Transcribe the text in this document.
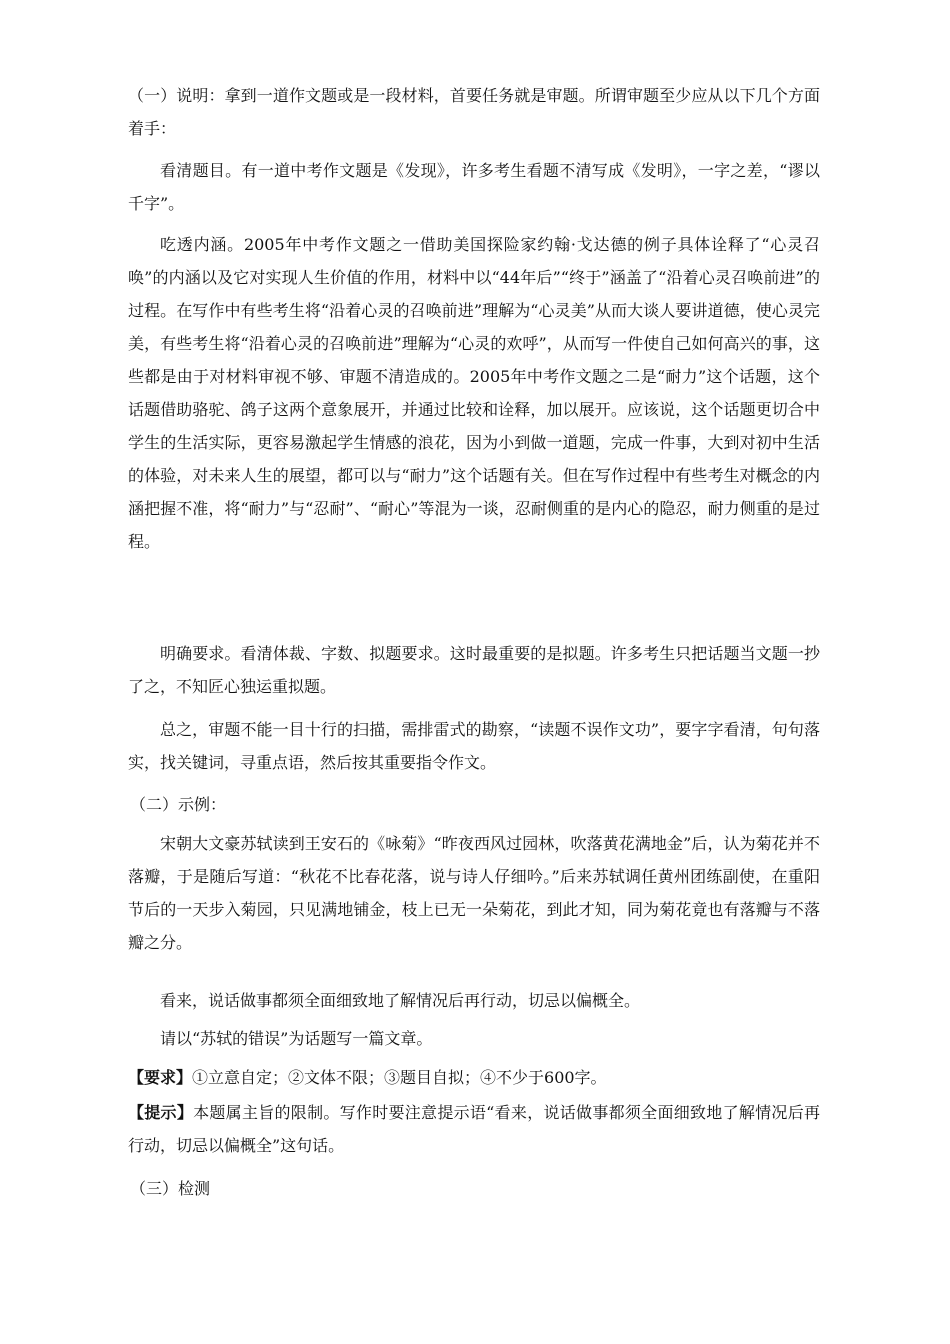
（一）说明：拿到一道作文题或是一段材料，首要任务就是审题。所谓审题至少应从以下几个方面着手：

看清题目。有一道中考作文题是《发现》，许多考生看题不清写成《发明》，一字之差，“谬以千字”。

吃透内涵。2005年中考作文题之一借助美国探险家约翰·戈达德的例子具体诠释了“心灵召唤”的内涵以及它对实现人生价值的作用，材料中以“44年后”“终于”涵盖了“沿着心灵召唤前进”的过程。在写作中有些考生将“沿着心灵的召唤前进”理解为“心灵美”从而大谈人要讲道德，使心灵完美，有些考生将“沿着心灵的召唤前进”理解为“心灵的欢呼”，从而写一件使自己如何高兴的事，这些都是由于对材料审视不够、审题不清造成的。2005年中考作文题之二是“耐力”这个话题，这个话题借助骆驼、鸽子这两个意象展开，并通过比较和诠释，加以展开。应该说，这个话题更切合中学生的生活实际，更容易激起学生情感的浪花，因为小到做一道题，完成一件事，大到对初中生活的体验，对未来人生的展望，都可以与“耐力”这个话题有关。但在写作过程中有些考生对概念的内涵把握不准，将“耐力”与“忍耐”、“耐心”等混为一谈，忍耐侧重的是内心的隐忍，耐力侧重的是过程。

明确要求。看清体裁、字数、拟题要求。这时最重要的是拟题。许多考生只把话题当文题一抄了之，不知匠心独运重拟题。

总之，审题不能一目十行的扫描，需排雷式的勘察，“读题不误作文功”，要字字看清，句句落实，找关键词，寻重点语，然后按其重要指令作文。

（二）示例：

宋朝大文豪苏轼读到王安石的《咏菊》“昨夜西风过园林，吹落黄花满地金”后，认为菊花并不落瓣，于是随后写道：“秋花不比春花落，说与诗人仔细吟。”后来苏轼调任黄州团练副使，在重阳节后的一天步入菊园，只见满地铺金，枝上已无一朵菊花，到此才知，同为菊花竟也有落瓣与不落瓣之分。

看来，说话做事都须全面细致地了解情况后再行动，切忌以偏概全。

请以“苏轼的错误”为话题写一篇文章。

【要求】①立意自定；②文体不限；③题目自拟；④不少于600字。

【提示】本题属主旨的限制。写作时要注意提示语“看来，说话做事都须全面细致地了解情况后再行动，切忌以偏概全”这句话。

（三）检测
